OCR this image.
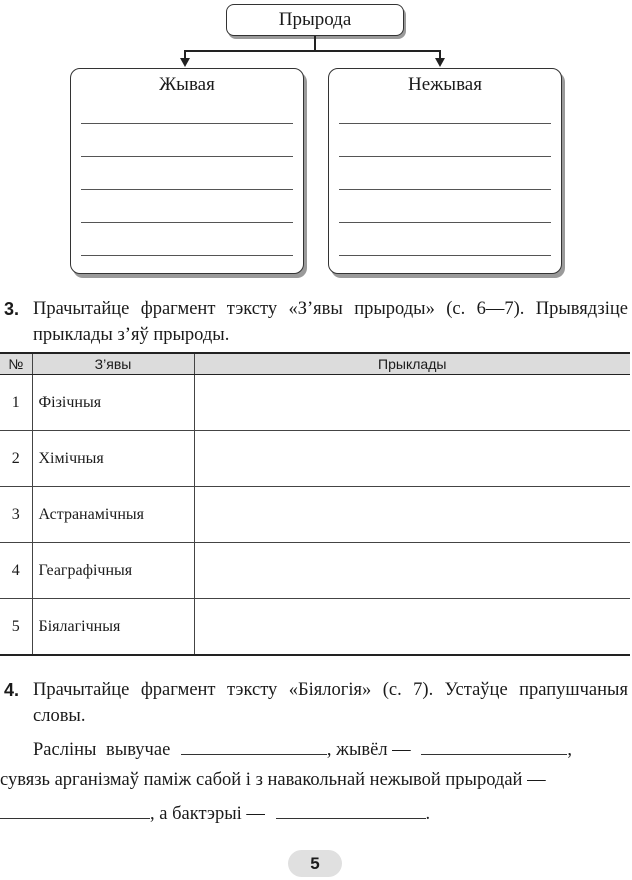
Прырода
Жывая	Нежывая
3. Прачытайце фрагмент тэксту «З’явы прыроды» (с. 6—7). Прывядзіце прыклады з’яў прыроды.
№	З’явы	Прыклады
1	Фізічныя	
2	Хімічныя	
3	Астранамічныя	
4	Геаграфічныя	
5	Біялагічныя	
4. Прачытайце фрагмент тэксту «Біялогія» (с. 7). Устаўце прапушчаныя словы.
Расліны вывучае	, жывёл —	,
сувязь арганізмаў паміж сабой і з навакольнай нежывой прыродай —
, а бактэрыі —	.
5
